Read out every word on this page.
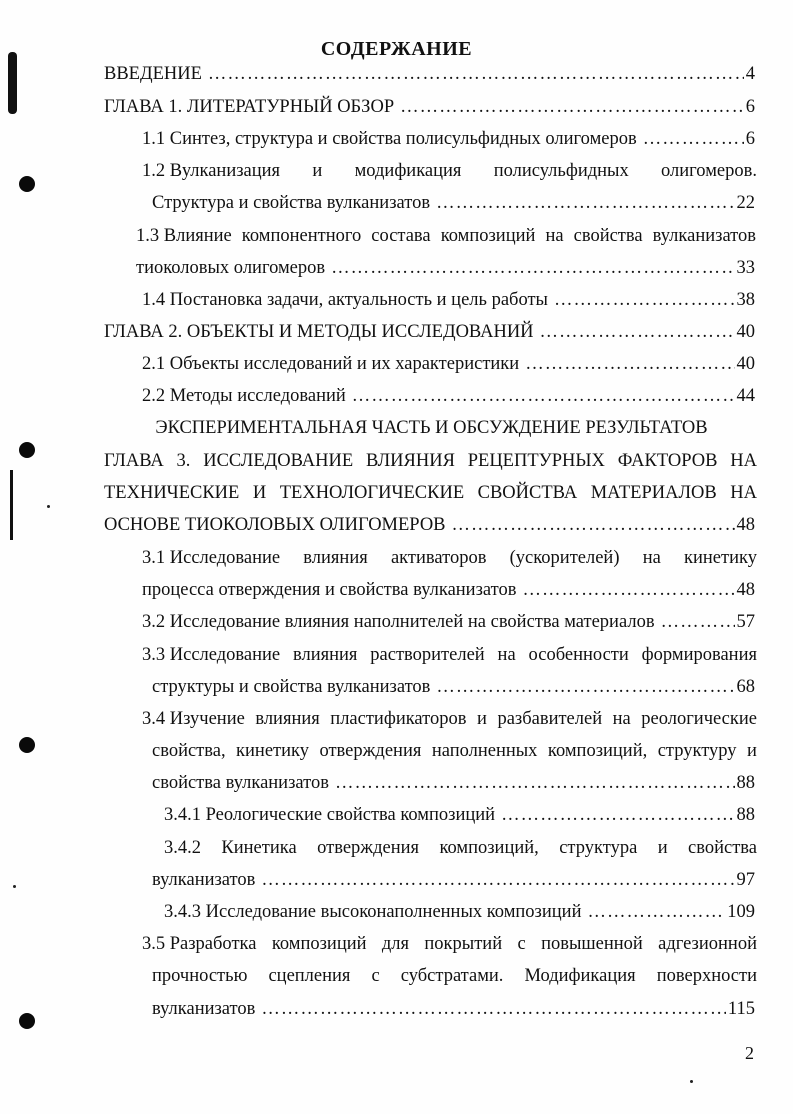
СОДЕРЖАНИЕ
ВВЕДЕНИЕ ……………………………………………………………………………………………………………………………………………………………	4
ГЛАВА 1. ЛИТЕРАТУРНЫЙ ОБЗОР ……………………………………………………………………………………………………………………………………………………………	6
1.1 Синтез, структура и свойства полисульфидных олигомеров ……………………………………………………………………………………………………………………………………………………………	6
1.2 Вулканизация и модификация полисульфидных олигомеров.
Структура и свойства вулканизатов ……………………………………………………………………………………………………………………………………………………………	22
1.3 Влияние компонентного состава композиций на свойства вулканизатов
тиоколовых олигомеров ……………………………………………………………………………………………………………………………………………………………	33
1.4 Постановка задачи, актуальность и цель работы ……………………………………………………………………………………………………………………………………………………………	38
ГЛАВА 2. ОБЪЕКТЫ И МЕТОДЫ ИССЛЕДОВАНИЙ ……………………………………………………………………………………………………………………………………………………………	40
2.1 Объекты исследований и их характеристики ……………………………………………………………………………………………………………………………………………………………	40
2.2 Методы исследований ……………………………………………………………………………………………………………………………………………………………	44
ЭКСПЕРИМЕНТАЛЬНАЯ ЧАСТЬ И ОБСУЖДЕНИЕ РЕЗУЛЬТАТОВ
ГЛАВА 3. ИССЛЕДОВАНИЕ ВЛИЯНИЯ РЕЦЕПТУРНЫХ ФАКТОРОВ НА
ТЕХНИЧЕСКИЕ И ТЕХНОЛОГИЧЕСКИЕ СВОЙСТВА МАТЕРИАЛОВ НА
ОСНОВЕ ТИОКОЛОВЫХ ОЛИГОМЕРОВ ……………………………………………………………………………………………………………………………………………………………	48
3.1 Исследование влияния активаторов (ускорителей) на кинетику
процесса отверждения и свойства вулканизатов ……………………………………………………………………………………………………………………………………………………………	48
3.2 Исследование влияния наполнителей на свойства материалов ……………………………………………………………………………………………………………………………………………………………	57
3.3 Исследование влияния растворителей на особенности формирования
структуры и свойства вулканизатов ……………………………………………………………………………………………………………………………………………………………	68
3.4 Изучение влияния пластификаторов и разбавителей на реологические
свойства, кинетику отверждения наполненных композиций, структуру и
свойства вулканизатов ……………………………………………………………………………………………………………………………………………………………	88
3.4.1 Реологические свойства композиций ……………………………………………………………………………………………………………………………………………………………	88
3.4.2 Кинетика отверждения композиций, структура и свойства
вулканизатов ……………………………………………………………………………………………………………………………………………………………	97
3.4.3 Исследование высоконаполненных композиций ……………………………………………………………………………………………………………………………………………………………	109
3.5 Разработка композиций для покрытий с повышенной адгезионной
прочностью сцепления с субстратами. Модификация поверхности
вулканизатов ……………………………………………………………………………………………………………………………………………………………	115
2
